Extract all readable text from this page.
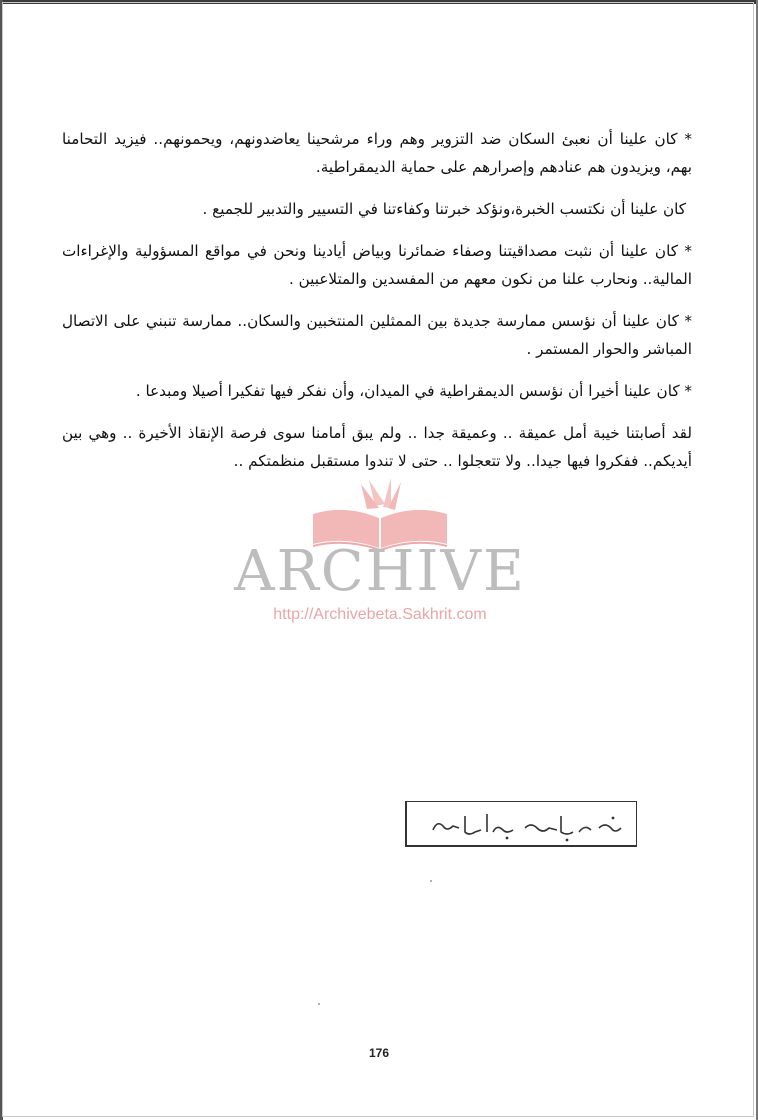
* كان علينا أن نعبئ السكان ضد التزوير وهم وراء مرشحينا يعاضدونهم، ويحمونهم.. فيزيد التحامنا بهم، ويزيدون هم عنادهم وإصرارهم على حماية الديمقراطية.

كان علينا أن نكتسب الخبرة،ونؤكد خبرتنا وكفاءتنا في التسيير والتدبير للجميع .

* كان علينا أن نثبت مصداقيتنا وصفاء ضمائرنا وبياض أيادينا ونحن في مواقع المسؤولية والإغراءات المالية.. ونحارب علنا من نكون معهم من المفسدين والمتلاعبين .

* كان علينا أن نؤسس ممارسة جديدة بين الممثلين المنتخبين والسكان.. ممارسة تنبني على الاتصال المباشر والحوار المستمر .

* كان علينا أخيرا أن نؤسس الديمقراطية في الميدان، وأن نفكر فيها تفكيرا أصيلا ومبدعا .

لقد أصابتنا خيبة أمل عميقة .. وعميقة جدا .. ولم يبق أمامنا سوى فرصة الإنقاذ الأخيرة .. وهي بين أيديكم.. ففكروا فيها جيدا.. ولا تتعجلوا .. حتى لا تندوا مستقبل منظمتكم ..

ARCHIVE
http://Archivebeta.Sakhrit.com
176
